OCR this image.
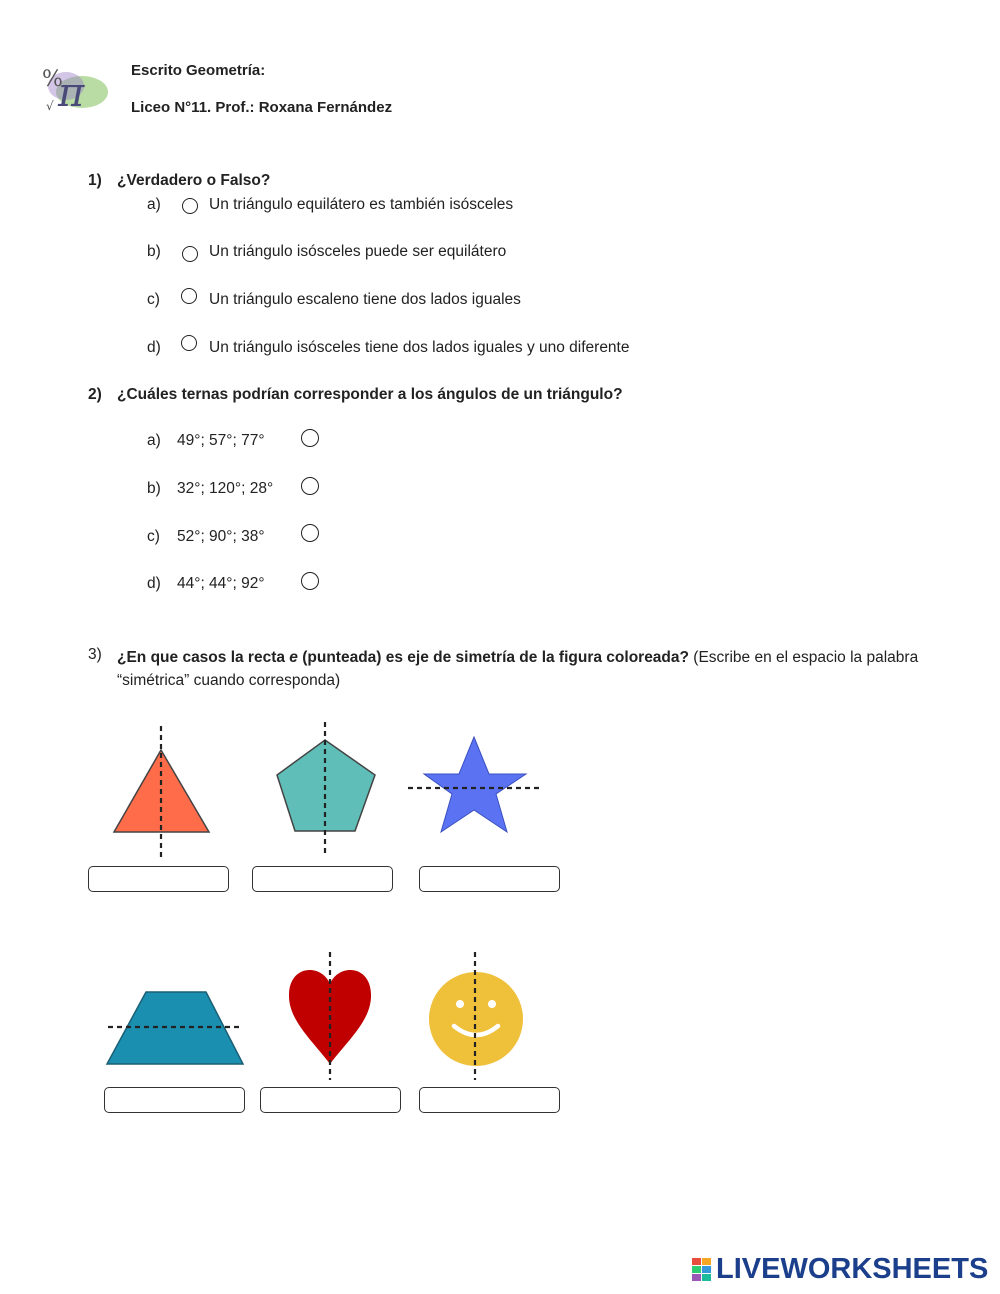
%
π
√
Escrito Geometría:
Liceo N°11. Prof.: Roxana Fernández
1) ¿Verdadero o Falso?
a)	Un triángulo equilátero es también isósceles
b)	Un triángulo isósceles puede ser equilátero
c)	Un triángulo escaleno tiene dos lados iguales
d)	Un triángulo isósceles tiene dos lados iguales y uno diferente
2) ¿Cuáles ternas podrían corresponder a los ángulos de un triángulo?
a) 49°; 57°; 77°
b) 32°; 120°; 28°
c) 52°; 90°; 38°
d) 44°; 44°; 92°
3) ¿En que casos la recta e (punteada) es eje de simetría de la figura coloreada? (Escribe en el espacio la palabra
“simétrica” cuando corresponda)
LIVEWORKSHEETS
